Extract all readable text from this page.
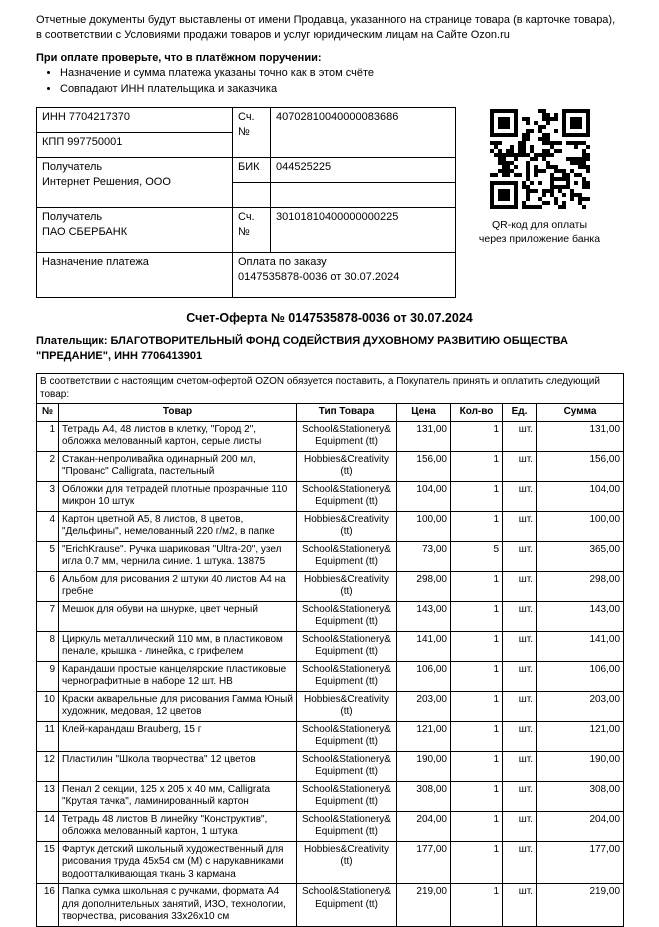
Отчетные документы будут выставлены от имени Продавца, указанного на странице товара (в карточке товара), в соответствии с Условиями продажи товаров и услуг юридическим лицам на Сайте Ozon.ru

При оплате проверьте, что в платёжном поручении:
• Назначение и сумма платежа указаны точно как в этом счёте
• Совпадают ИНН плательщика и заказчика
ИНН 7704217370	Сч.№	40702810040000083686
КПП 997750001		

Получатель
Интернет Решения, ООО	БИК	044525225

Получатель
ПАО СБЕРБАНК	Сч.№	30101810400000000225
Назначение платежа	Оплата по заказу
0147535878-0036 от 30.07.2024	
QR-код для оплаты
через приложение банка
Счет-Оферта № 0147535878-0036 от 30.07.2024
Плательщик: БЛАГОТВОРИТЕЛЬНЫЙ ФОНД СОДЕЙСТВИЯ ДУХОВНОМУ РАЗВИТИЮ ОБЩЕСТВА "ПРЕДАНИЕ", ИНН 7706413901
В соответствии с настоящим счетом-офертой OZON обязуется поставить, а Покупатель принять и оплатить следующий товар:						
№	Товар	Тип Товара	Цена	Кол-во	Ед.	Сумма
1	Тетрадь А4, 48 листов в клетку, "Город 2", обложка мелованный картон, серые листы	School&Stationery& Equipment (tt)	131,00	1	шт.	131,00
2	Стакан-непроливайка одинарный 200 мл, "Прованс" Calligrata, пастельный	Hobbies&Creativity (tt)	156,00	1	шт.	156,00
3	Обложки для тетрадей плотные прозрачные 110 микрон 10 штук	School&Stationery& Equipment (tt)	104,00	1	шт.	104,00
4	Картон цветной А5, 8 листов, 8 цветов, "Дельфины", немелованный 220 г/м2, в папке	Hobbies&Creativity (tt)	100,00	1	шт.	100,00
5	"ErichKrause". Ручка шариковая "Ultra-20", узел игла 0.7 мм, чернила синие. 1 штука. 13875	School&Stationery& Equipment (tt)	73,00	5	шт.	365,00
6	Альбом для рисования 2 штуки 40 листов А4 на гребне	Hobbies&Creativity (tt)	298,00	1	шт.	298,00
7	Мешок для обуви на шнурке, цвет черный	School&Stationery& Equipment (tt)	143,00	1	шт.	143,00
8	Циркуль металлический 110 мм, в пластиковом пенале, крышка - линейка, с грифелем	School&Stationery& Equipment (tt)	141,00	1	шт.	141,00
9	Карандаши простые канцелярские пластиковые чернографитные в наборе 12 шт. НВ	School&Stationery& Equipment (tt)	106,00	1	шт.	106,00
10	Краски акварельные для рисования Гамма Юный художник, медовая, 12 цветов	Hobbies&Creativity (tt)	203,00	1	шт.	203,00
11	Клей-карандаш Brauberg, 15 г	School&Stationery& Equipment (tt)	121,00	1	шт.	121,00
12	Пластилин "Школа творчества" 12 цветов	School&Stationery& Equipment (tt)	190,00	1	шт.	190,00
13	Пенал 2 секции, 125 х 205 х 40 мм, Calligrata "Крутая тачка", ламинированный картон	School&Stationery& Equipment (tt)	308,00	1	шт.	308,00
14	Тетрадь 48 листов В линейку "Конструктив", обложка мелованный картон, 1 штука	School&Stationery& Equipment (tt)	204,00	1	шт.	204,00
15	Фартук детский школьный художественный для рисования труда 45х54 см (М) с нарукавниками водоотталкивающая ткань 3 кармана	Hobbies&Creativity (tt)	177,00	1	шт.	177,00
16	Папка сумка школьная с ручками, формата А4 для дополнительных занятий, ИЗО, технологии, творчества, рисования 33х26х10 см	School&Stationery& Equipment (tt)	219,00	1	шт.	219,00
